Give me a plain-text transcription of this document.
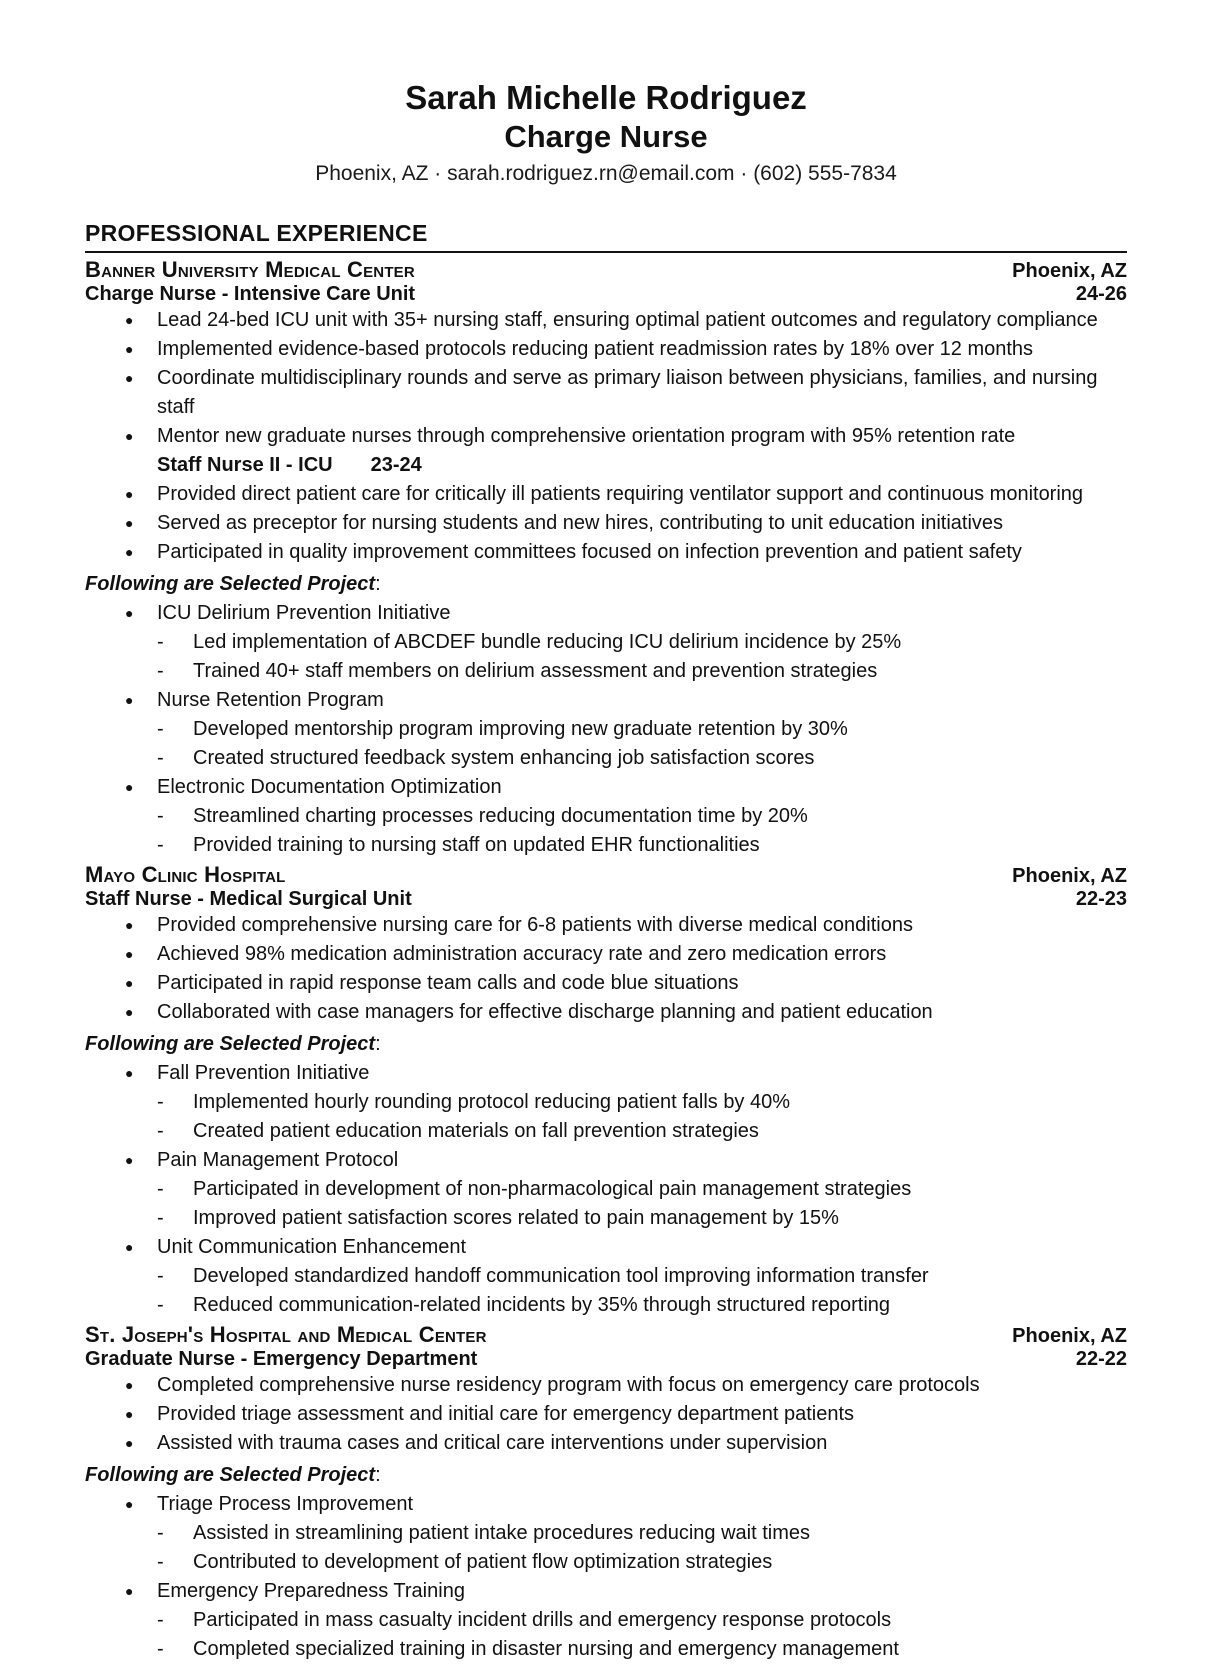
Sarah Michelle Rodriguez
Charge Nurse
Phoenix, AZ · sarah.rodriguez.rn@email.com · (602) 555-7834
PROFESSIONAL EXPERIENCE
Banner University Medical Center	Phoenix, AZ
Charge Nurse - Intensive Care Unit	24-26
●	Lead 24-bed ICU unit with 35+ nursing staff, ensuring optimal patient outcomes and regulatory compliance
●	Implemented evidence-based protocols reducing patient readmission rates by 18% over 12 months
●	Coordinate multidisciplinary rounds and serve as primary liaison between physicians, families, and nursing staff
●	Mentor new graduate nurses through comprehensive orientation program with 95% retention rate
Staff Nurse II - ICU 23-24
●	Provided direct patient care for critically ill patients requiring ventilator support and continuous monitoring
●	Served as preceptor for nursing students and new hires, contributing to unit education initiatives
●	Participated in quality improvement committees focused on infection prevention and patient safety
Following are Selected Project:
●	ICU Delirium Prevention Initiative
-	Led implementation of ABCDEF bundle reducing ICU delirium incidence by 25%
-	Trained 40+ staff members on delirium assessment and prevention strategies
●	Nurse Retention Program
-	Developed mentorship program improving new graduate retention by 30%
-	Created structured feedback system enhancing job satisfaction scores
●	Electronic Documentation Optimization
-	Streamlined charting processes reducing documentation time by 20%
-	Provided training to nursing staff on updated EHR functionalities
Mayo Clinic Hospital	Phoenix, AZ
Staff Nurse - Medical Surgical Unit	22-23
●	Provided comprehensive nursing care for 6-8 patients with diverse medical conditions
●	Achieved 98% medication administration accuracy rate and zero medication errors
●	Participated in rapid response team calls and code blue situations
●	Collaborated with case managers for effective discharge planning and patient education
Following are Selected Project:
●	Fall Prevention Initiative
-	Implemented hourly rounding protocol reducing patient falls by 40%
-	Created patient education materials on fall prevention strategies
●	Pain Management Protocol
-	Participated in development of non-pharmacological pain management strategies
-	Improved patient satisfaction scores related to pain management by 15%
●	Unit Communication Enhancement
-	Developed standardized handoff communication tool improving information transfer
-	Reduced communication-related incidents by 35% through structured reporting
St. Joseph's Hospital and Medical Center	Phoenix, AZ
Graduate Nurse - Emergency Department	22-22
●	Completed comprehensive nurse residency program with focus on emergency care protocols
●	Provided triage assessment and initial care for emergency department patients
●	Assisted with trauma cases and critical care interventions under supervision
Following are Selected Project:
●	Triage Process Improvement
-	Assisted in streamlining patient intake procedures reducing wait times
-	Contributed to development of patient flow optimization strategies
●	Emergency Preparedness Training
-	Participated in mass casualty incident drills and emergency response protocols
-	Completed specialized training in disaster nursing and emergency management
